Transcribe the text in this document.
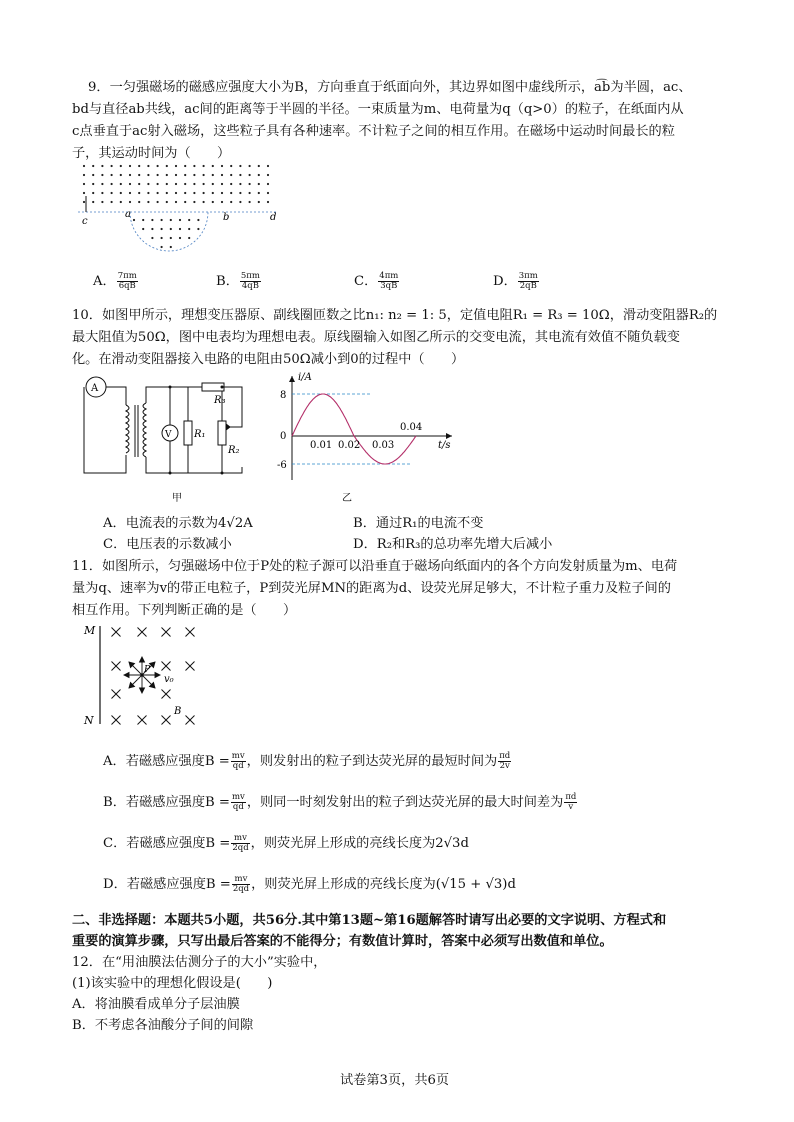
9．一匀强磁场的磁感应强度大小为B，方向垂直于纸面向外，其边界如图中虚线所示，a͡b为半圆，ac、
bd与直径ab共线，ac间的距离等于半圆的半径。一束质量为m、电荷量为q（q>0）的粒子，在纸面内从
c点垂直于ac射入磁场，这些粒子具有各种速率。不计粒子之间的相互作用。在磁场中运动时间最长的粒
子，其运动时间为（　　）
c
a	b	d
A． $\frac{7\pi m}{6qB}$	B． $\frac{5\pi m}{4qB}$	C． $\frac{4\pi m}{3qB}$	D． $\frac{3\pi m}{2qB}$
10．如图甲所示，理想变压器原、副线圈匝数之比n₁: n₂ = 1: 5，定值电阻R₁ = R₃ = 10Ω，滑动变阻器R₂的
最大阻值为50Ω，图中电表均为理想电表。原线圈输入如图乙所示的交变电流，其电流有效值不随负载变
化。在滑动变阻器接入电路的电阻由50Ω减小到0的过程中（　　）
A
V R₁
R₃
R₂
甲
i/A
t/s
8
0
-6
0.01 0.02 0.03
0.04
乙
A．电流表的示数为4√2A	B．通过R₁的电流不变
C．电压表的示数减小	D．R₂和R₃的总功率先增大后减小
11．如图所示，匀强磁场中位于P处的粒子源可以沿垂直于磁场向纸面内的各个方向发射质量为m、电荷
量为q、速率为v的带正电粒子，P到荧光屏MN的距离为d、设荧光屏足够大，不计粒子重力及粒子间的
相互作用。下列判断正确的是（　　）
M
N
P
v₀
B
A．若磁感应强度$B = \frac{mv}{qd}$ ，则发射出的粒子到达荧光屏的最短时间为 $\frac{\pi d}{2v}$
B．若磁感应强度$B = \frac{mv}{qd}$ ，则同一时刻发射出的粒子到达荧光屏的最大时间差为 $\frac{\pi d}{v}$
C．若磁感应强度$B = \frac{mv}{2qd}$ ，则荧光屏上形成的亮线长度为2√3d
D．若磁感应强度$B = \frac{mv}{2qd}$ ，则荧光屏上形成的亮线长度为(√15 + √3)d
二、非选择题：本题共5小题，共56分.其中第13题~第16题解答时请写出必要的文字说明、方程式和
重要的演算步骤，只写出最后答案的不能得分；有数值计算时，答案中必须写出数值和单位。
12．在“用油膜法估测分子的大小”实验中，
(1)该实验中的理想化假设是(　　)
A．将油膜看成单分子层油膜
B．不考虑各油酸分子间的间隙
试卷第3页，共6页
